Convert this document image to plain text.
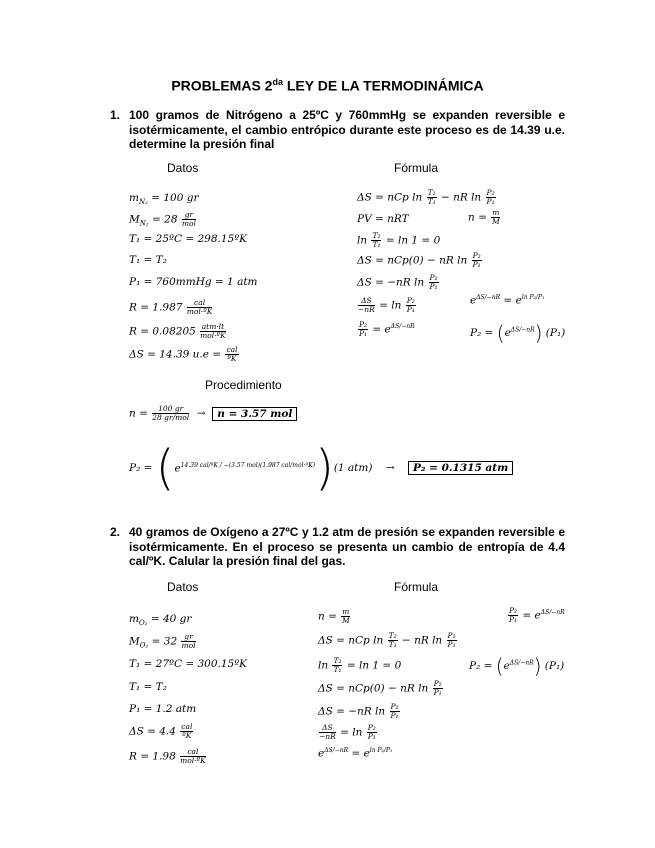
PROBLEMAS $2^{da}$ LEY DE LA TERMODINÁMICA
1. 100 gramos de Nitrógeno a 25ºC y 760mmHg se expanden reversible e isotérmicamente, el cambio entrópico durante este proceso es de 14.39 u.e. determine la presión final
Datos	Fórmula
$m_{N_2} = 100$ gr
$M_{N_2} = 28$ gr
mol
T₁ = 25ºC = 298.15ºK
T₁ = T₂
P₁ = 760mmHg = 1 atm
R = 1.987	cal
mol·ºK
R = 0.08205 atm·lt
mol·ºK
ΔS = 14.39 u.e = cal
ºK
ΔS = nCp $\ln \frac{\text{T₂}}{\text{T₁}}$ − nR $\ln \frac{\text{P₂}}{\text{P₁}}$
PV = nRT	$n = \frac{m}{M}$
$\ln \frac{\text{T₂}}{\text{T₁}} = \ln 1 = 0$
ΔS = nCp(0) − nR $\ln \frac{\text{P₂}}{\text{P₁}}$
ΔS = −nR $\ln \frac{\text{P₂}}{\text{P₁}}$
$\frac{\Delta S}{-nR} = \ln \frac{\text{P₂}}{\text{P₁}}$	$e^{\Delta S/-nR} = e^{ln P_2/P_1}$
$\frac{\text{P₂}}{\text{P₁}} = e^{\Delta S/-nR}$
$P_2 = (e^{\Delta S/-nR})$ (P₁)
Procedimiento
n = 100 gr
28 gr/mol →  n = 3.57 mol
$P_2 = (e^{14.39 cal/ºK / -(3.57 mol)(1.987 cal/mol\cdot ºK)})(1$ atm)    →    P₂ = 0.1315 atm
2. 40 gramos de Oxígeno a 27ºC y 1.2 atm de presión se expanden reversible e isotérmicamente. En el proceso se presenta un cambio de entropía de 4.4 cal/ºK. Calular la presión final del gas.
Datos	Fórmula
$m_{O_2} = 40$ gr
$M_{O_2} = 32$ gr
mol
T₁ = 27ºC = 300.15ºK
T₁ = T₂
P₁ = 1.2 atm
ΔS = 4.4 cal
ºK
R = 1.98	cal
mol·ºK
$n = \frac{m}{M}$	$\frac{\text{P₂}}{\text{P₁}} = e^{\Delta S/-nR}$
ΔS = nCp $\ln \frac{\text{T₂}}{\text{T₁}}$ − nR $\ln \frac{\text{P₂}}{\text{P₁}}$
$\ln \frac{\text{T₂}}{\text{T₁}} = \ln 1 = 0$	$P_2 = (e^{\Delta S/-nR})$ (P₁)
ΔS = nCp(0) − nR $\ln \frac{\text{P₂}}{\text{P₁}}$
ΔS = −nR $\ln \frac{\text{P₂}}{\text{P₁}}$
$\frac{\Delta S}{-nR} = \ln \frac{\text{P₂}}{\text{P₁}}$
$e^{\Delta S/-nR} = e^{ln P_2/P_1}$
